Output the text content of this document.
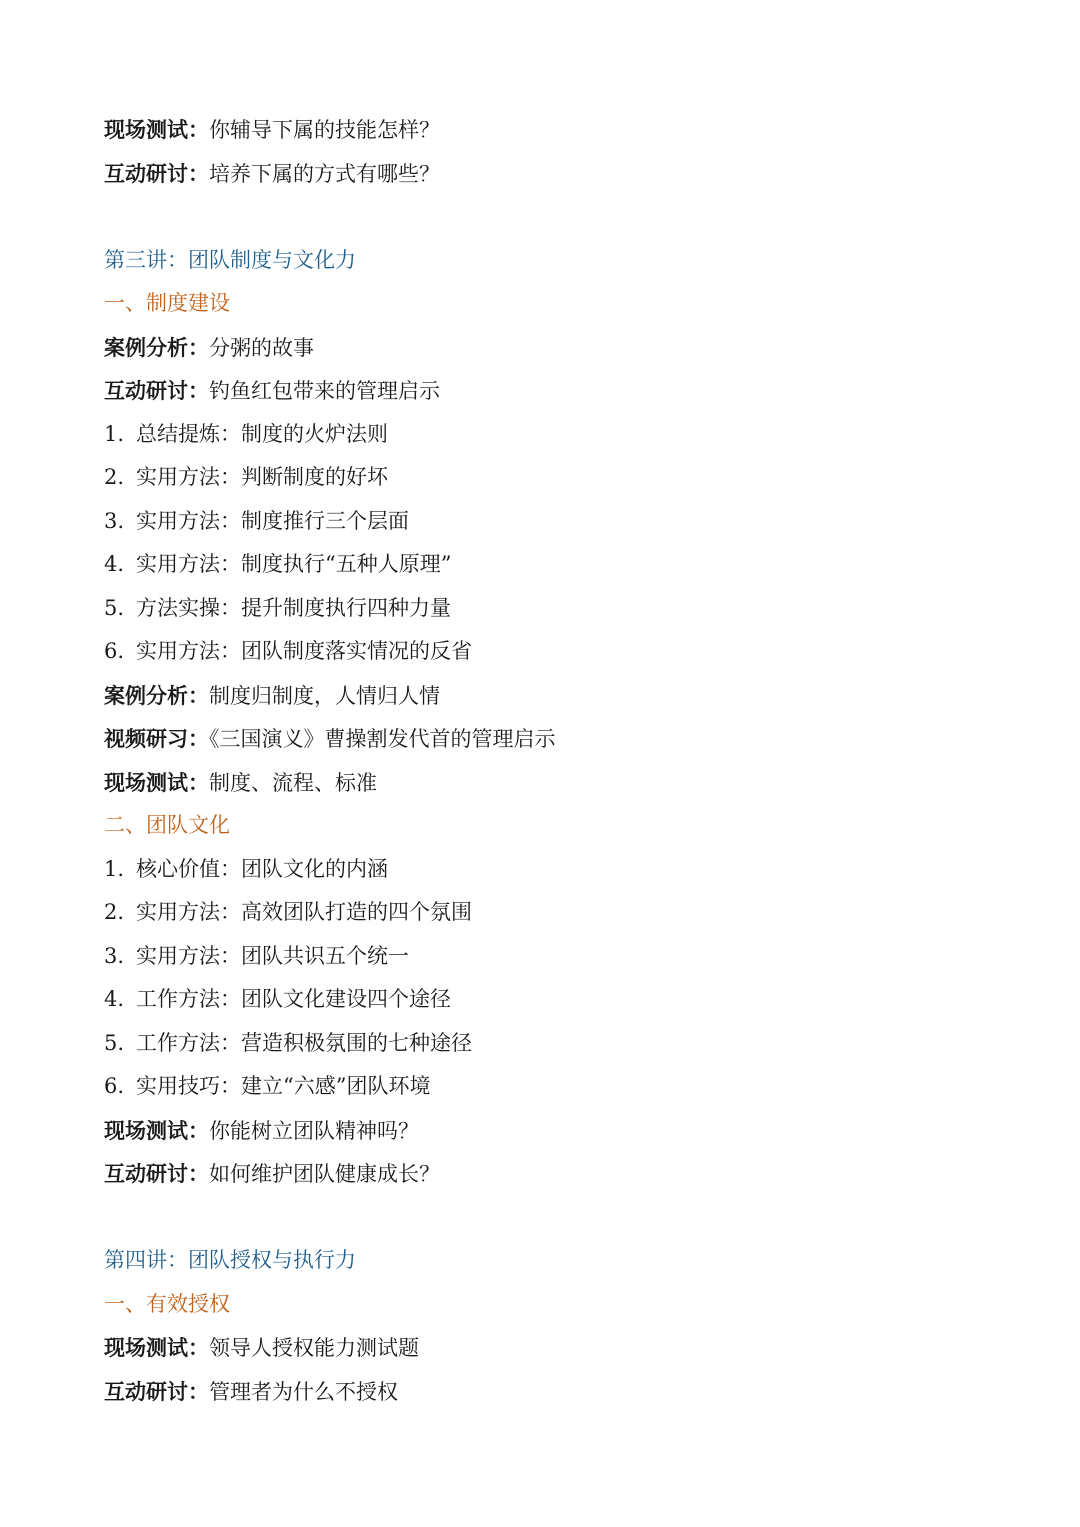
现场测试：你辅导下属的技能怎样？
互动研讨：培养下属的方式有哪些？
第三讲：团队制度与文化力
一、制度建设
案例分析：分粥的故事
互动研讨：钓鱼红包带来的管理启示
1. 总结提炼：制度的火炉法则
2. 实用方法：判断制度的好坏
3. 实用方法：制度推行三个层面
4. 实用方法：制度执行“五种人原理”
5. 方法实操：提升制度执行四种力量
6. 实用方法：团队制度落实情况的反省
案例分析：制度归制度，人情归人情
视频研习：《三国演义》曹操割发代首的管理启示
现场测试：制度、流程、标准
二、团队文化
1. 核心价值：团队文化的内涵
2. 实用方法：高效团队打造的四个氛围
3. 实用方法：团队共识五个统一
4. 工作方法：团队文化建设四个途径
5. 工作方法：营造积极氛围的七种途径
6. 实用技巧：建立“六感”团队环境
现场测试：你能树立团队精神吗？
互动研讨：如何维护团队健康成长？
第四讲：团队授权与执行力
一、有效授权
现场测试：领导人授权能力测试题
互动研讨：管理者为什么不授权
